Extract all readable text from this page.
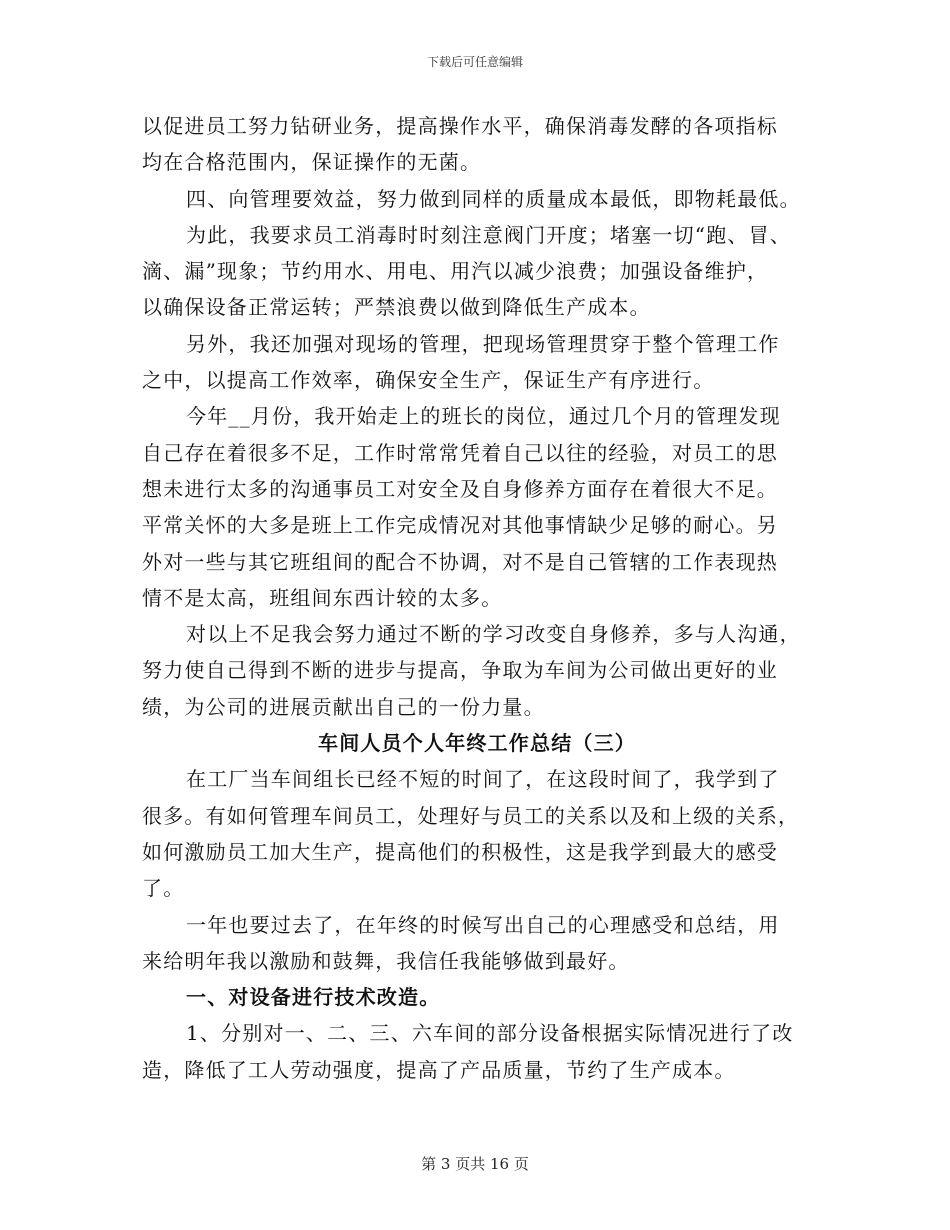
下载后可任意编辑
以促进员工努力钻研业务，提高操作水平，确保消毒发酵的各项指标
均在合格范围内，保证操作的无菌。
四、向管理要效益，努力做到同样的质量成本最低，即物耗最低。
为此，我要求员工消毒时时刻注意阀门开度；堵塞一切“跑、冒、
滴、漏”现象；节约用水、用电、用汽以减少浪费；加强设备维护，
以确保设备正常运转；严禁浪费以做到降低生产成本。
另外，我还加强对现场的管理，把现场管理贯穿于整个管理工作
之中，以提高工作效率，确保安全生产，保证生产有序进行。
今年__月份，我开始走上的班长的岗位，通过几个月的管理发现
自己存在着很多不足，工作时常常凭着自己以往的经验，对员工的思
想未进行太多的沟通事员工对安全及自身修养方面存在着很大不足。
平常关怀的大多是班上工作完成情况对其他事情缺少足够的耐心。另
外对一些与其它班组间的配合不协调，对不是自己管辖的工作表现热
情不是太高，班组间东西计较的太多。
对以上不足我会努力通过不断的学习改变自身修养，多与人沟通，
努力使自己得到不断的进步与提高，争取为车间为公司做出更好的业
绩，为公司的进展贡献出自己的一份力量。
车间人员个人年终工作总结（三）
在工厂当车间组长已经不短的时间了，在这段时间了，我学到了
很多。有如何管理车间员工，处理好与员工的关系以及和上级的关系，
如何激励员工加大生产，提高他们的积极性，这是我学到最大的感受
了。
一年也要过去了，在年终的时候写出自己的心理感受和总结，用
来给明年我以激励和鼓舞，我信任我能够做到最好。
一、对设备进行技术改造。
1、分别对一、二、三、六车间的部分设备根据实际情况进行了改
造，降低了工人劳动强度，提高了产品质量，节约了生产成本。
第 3 页共 16 页
